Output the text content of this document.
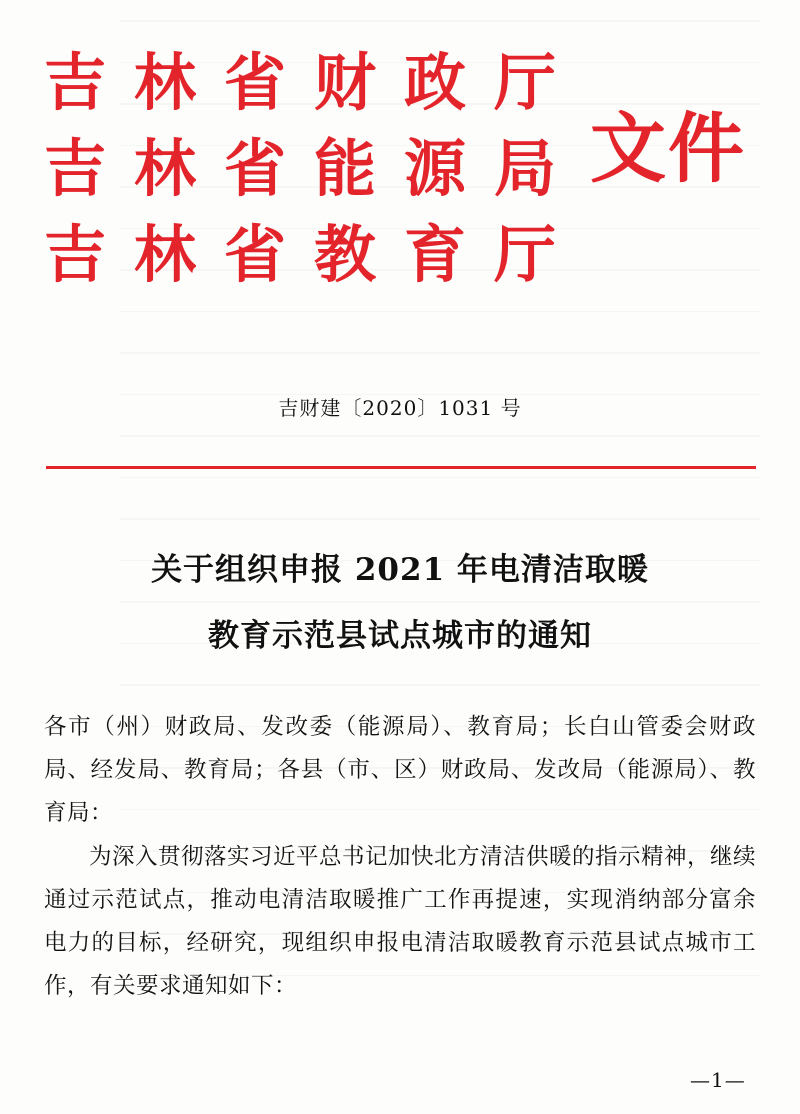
吉林省财政厅
吉林省能源局
吉林省教育厅
文件
吉财建〔2020〕1031 号
关于组织申报 2021 年电清洁取暖
教育示范县试点城市的通知
各市（州）财政局、发改委（能源局）、教育局；长白山管委会财政局、经发局、教育局；各县（市、区）财政局、发改局（能源局）、教育局：
为深入贯彻落实习近平总书记加快北方清洁供暖的指示精神，继续通过示范试点，推动电清洁取暖推广工作再提速，实现消纳部分富余电力的目标，经研究，现组织申报电清洁取暖教育示范县试点城市工作，有关要求通知如下：
—1—
